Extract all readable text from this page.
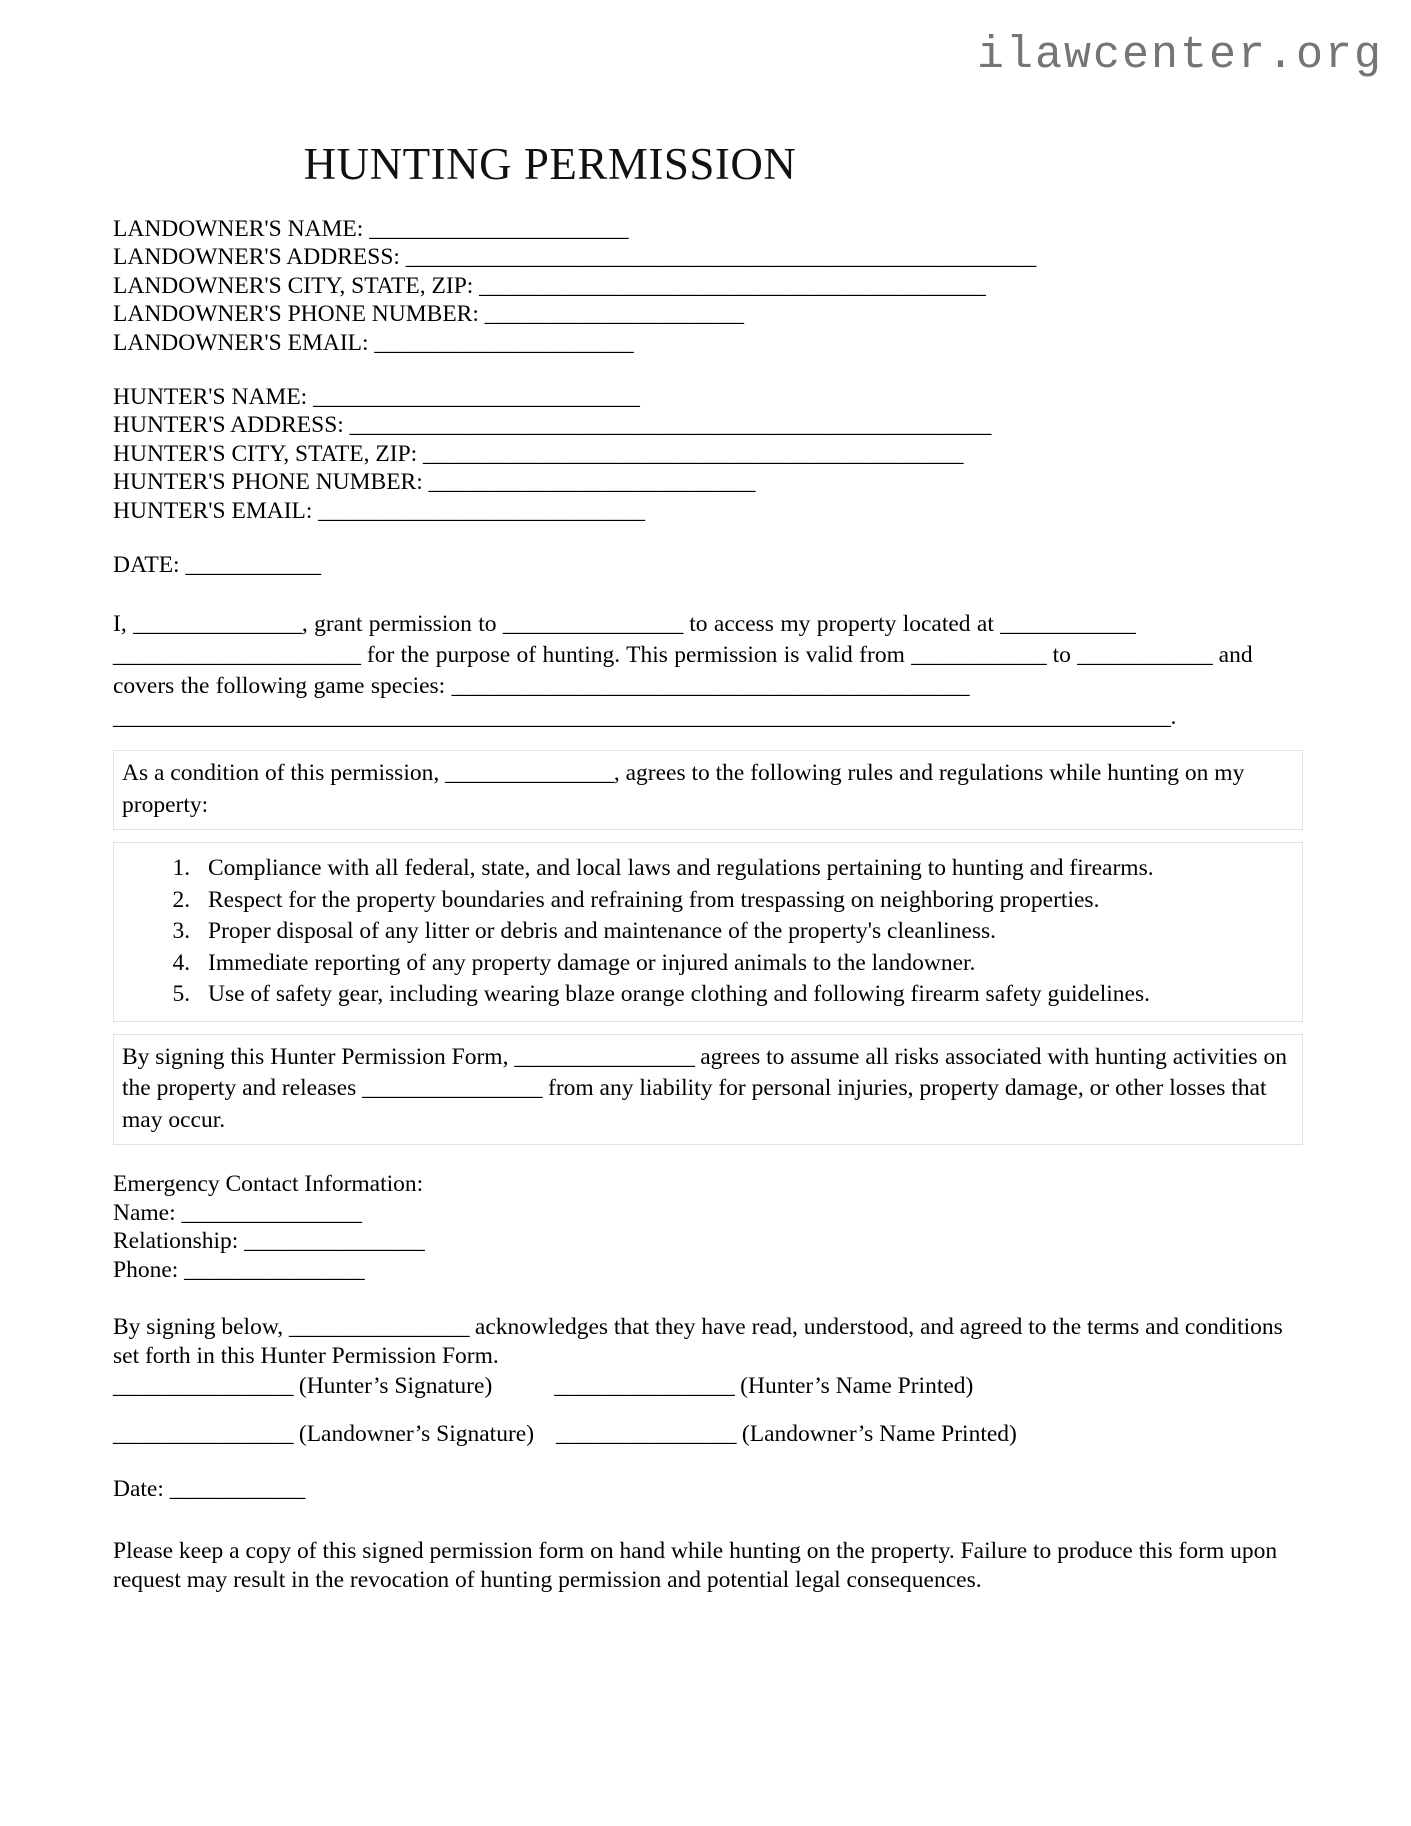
ilawcenter.org
HUNTING PERMISSION
LANDOWNER'S NAME: _______________________
LANDOWNER'S ADDRESS: ________________________________________________________
LANDOWNER'S CITY, STATE, ZIP: _____________________________________________
LANDOWNER'S PHONE NUMBER: _______________________
LANDOWNER'S EMAIL: _______________________
HUNTER'S NAME: _____________________________
HUNTER'S ADDRESS: _________________________________________________________
HUNTER'S CITY, STATE, ZIP: ________________________________________________
HUNTER'S PHONE NUMBER: _____________________________
HUNTER'S EMAIL: _____________________________
DATE: ____________
I, _______________, grant permission to ________________ to access my property located at ____________ ______________________ for the purpose of hunting. This permission is valid from ____________ to ____________ and covers the following game species: ______________________________________________ ______________________________________________________________________________________________.
As a condition of this permission, _______________, agrees to the following rules and regulations while hunting on my property:
1. Compliance with all federal, state, and local laws and regulations pertaining to hunting and firearms.
2. Respect for the property boundaries and refraining from trespassing on neighboring properties.
3. Proper disposal of any litter or debris and maintenance of the property's cleanliness.
4. Immediate reporting of any property damage or injured animals to the landowner.
5. Use of safety gear, including wearing blaze orange clothing and following firearm safety guidelines.
By signing this Hunter Permission Form, ________________ agrees to assume all risks associated with hunting activities on the property and releases ________________ from any liability for personal injuries, property damage, or other losses that may occur.
Emergency Contact Information:
Name: ________________
Relationship: ________________
Phone: ________________
By signing below, ________________ acknowledges that they have read, understood, and agreed to the terms and conditions set forth in this Hunter Permission Form.
________________ (Hunter’s Signature)	________________ (Hunter’s Name Printed)
________________ (Landowner’s Signature) ________________ (Landowner’s Name Printed)
Date: ____________
Please keep a copy of this signed permission form on hand while hunting on the property. Failure to produce this form upon request may result in the revocation of hunting permission and potential legal consequences.
